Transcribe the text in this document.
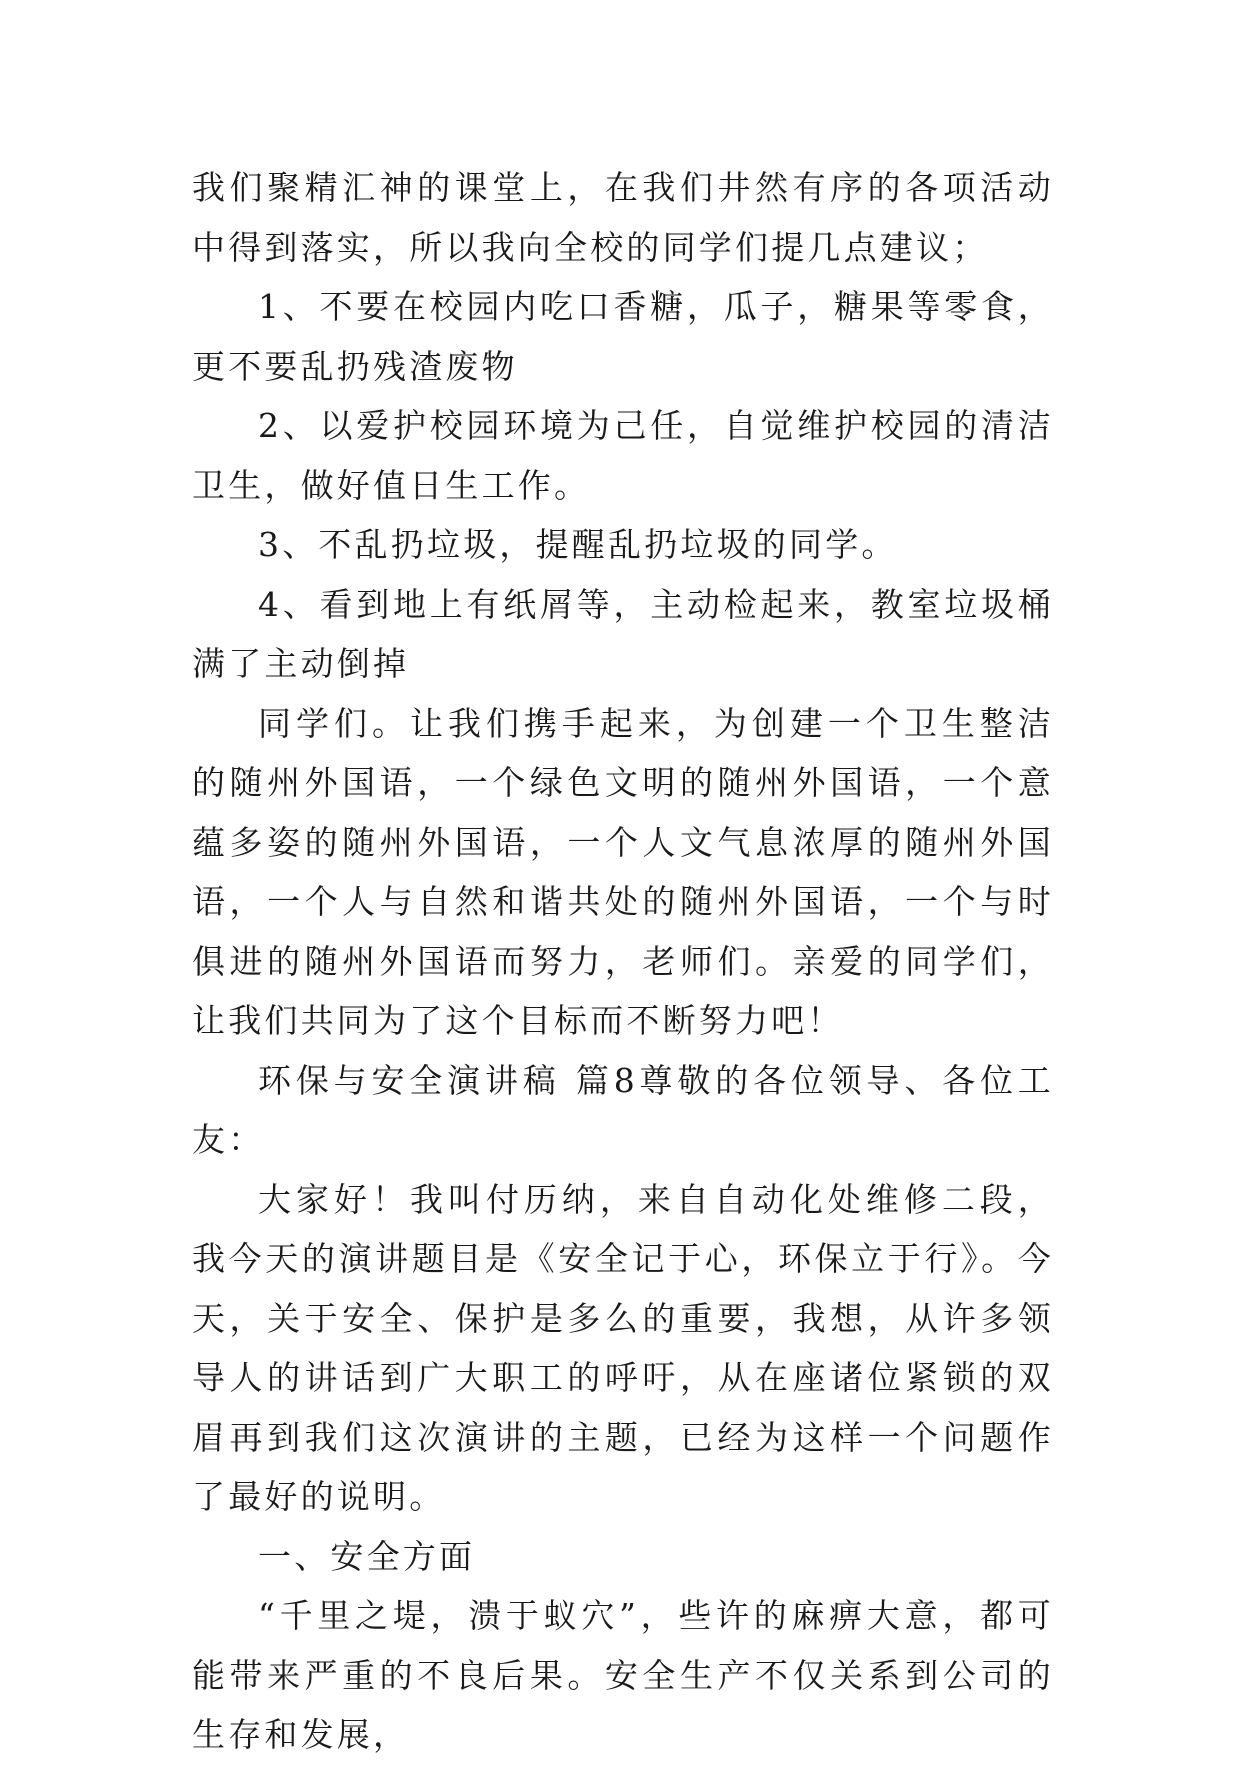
我们聚精汇神的课堂上，在我们井然有序的各项活动中得到落实，所以我向全校的同学们提几点建议；

1、不要在校园内吃口香糖，瓜子，糖果等零食，更不要乱扔残渣废物

2、以爱护校园环境为己任，自觉维护校园的清洁卫生，做好值日生工作。

3、不乱扔垃圾，提醒乱扔垃圾的同学。

4、看到地上有纸屑等，主动检起来，教室垃圾桶满了主动倒掉

同学们。让我们携手起来，为创建一个卫生整洁的随州外国语，一个绿色文明的随州外国语，一个意蕴多姿的随州外国语，一个人文气息浓厚的随州外国语，一个人与自然和谐共处的随州外国语，一个与时俱进的随州外国语而努力，老师们。亲爱的同学们，让我们共同为了这个目标而不断努力吧！

环保与安全演讲稿 篇8尊敬的各位领导、各位工友：

大家好！我叫付历纳，来自自动化处维修二段，我今天的演讲题目是《安全记于心，环保立于行》。今天，关于安全、保护是多么的重要，我想，从许多领导人的讲话到广大职工的呼吁，从在座诸位紧锁的双眉再到我们这次演讲的主题，已经为这样一个问题作了最好的说明。

一、安全方面

“千里之堤，溃于蚁穴”，些许的麻痹大意，都可能带来严重的不良后果。安全生产不仅关系到公司的生存和发展，
